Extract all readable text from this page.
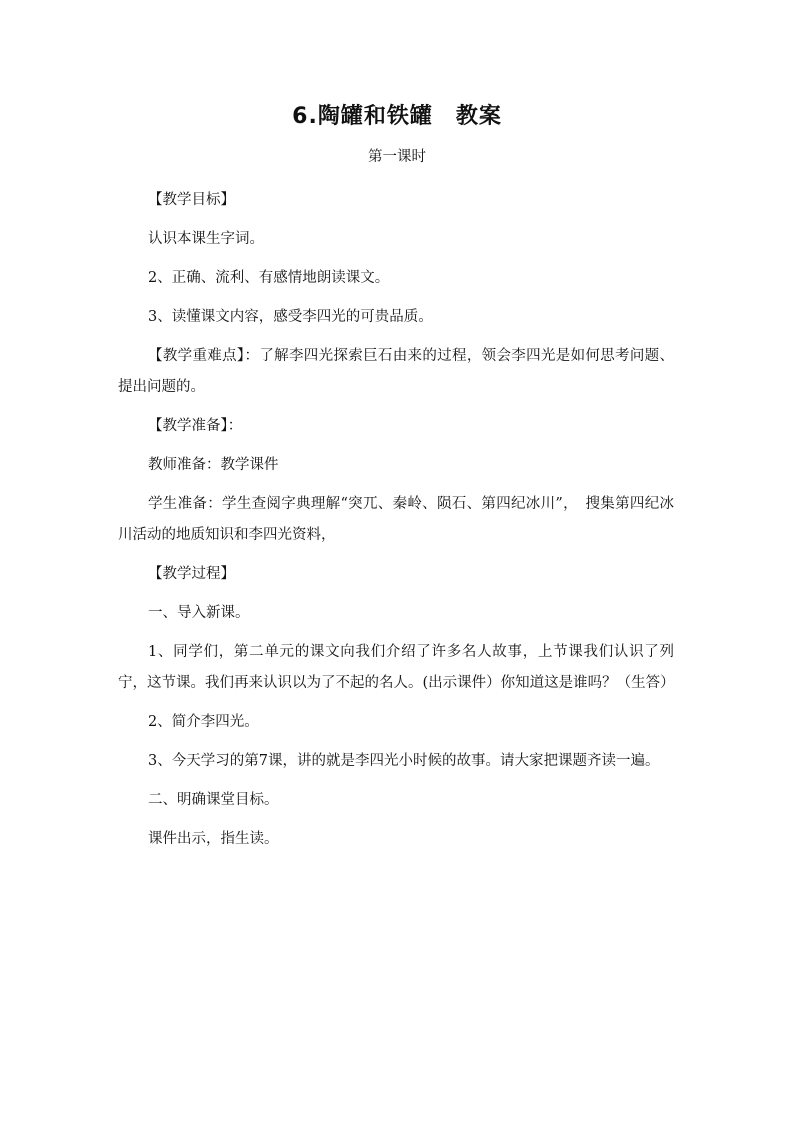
6.陶罐和铁罐　教案
第一课时

【教学目标】

认识本课生字词。

2、正确、流利、有感情地朗读课文。

3、读懂课文内容，感受李四光的可贵品质。

【教学重难点】：了解李四光探索巨石由来的过程，领会李四光是如何思考问题、提出问题的。

【教学准备】：

教师准备：教学课件

学生准备：学生查阅字典理解“突兀、秦岭、陨石、第四纪冰川”，　搜集第四纪冰川活动的地质知识和李四光资料，

【教学过程】

一、导入新课。

1、同学们，第二单元的课文向我们介绍了许多名人故事，上节课我们认识了列宁，这节课。我们再来认识以为了不起的名人。(出示课件）你知道这是谁吗？（生答）

2、简介李四光。

3、今天学习的第7课，讲的就是李四光小时候的故事。请大家把课题齐读一遍。

二、明确课堂目标。

课件出示，指生读。
